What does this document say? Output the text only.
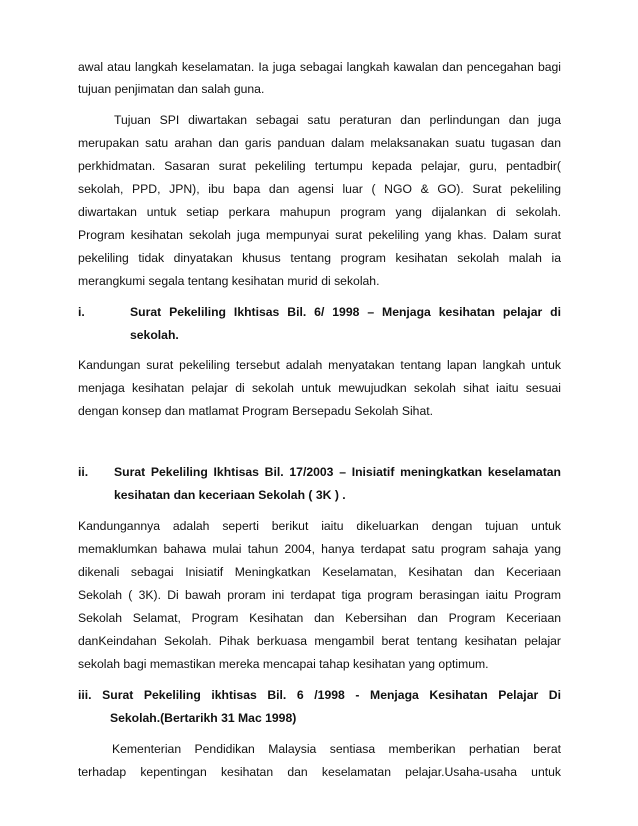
awal atau langkah keselamatan. Ia juga sebagai langkah kawalan dan pencegahan bagi
tujuan penjimatan dan salah guna.
Tujuan SPI diwartakan sebagai satu peraturan dan perlindungan dan juga
merupakan satu arahan dan garis panduan dalam melaksanakan suatu tugasan dan
perkhidmatan. Sasaran surat pekeliling tertumpu kepada pelajar, guru, pentadbir(
sekolah, PPD, JPN), ibu bapa dan agensi luar ( NGO & GO). Surat pekeliling
diwartakan untuk setiap perkara mahupun program yang dijalankan di sekolah.
Program kesihatan sekolah juga mempunyai surat pekeliling yang khas. Dalam surat
pekeliling tidak dinyatakan khusus tentang program kesihatan sekolah malah ia
merangkumi segala tentang kesihatan murid di sekolah.
i.	Surat Pekeliling Ikhtisas Bil. 6/ 1998 – Menjaga kesihatan pelajar di
sekolah.
Kandungan surat pekeliling tersebut adalah menyatakan tentang lapan langkah untuk
menjaga kesihatan pelajar di sekolah untuk mewujudkan sekolah sihat iaitu sesuai
dengan konsep dan matlamat Program Bersepadu Sekolah Sihat.
ii. Surat Pekeliling Ikhtisas Bil. 17/2003 – Inisiatif meningkatkan keselamatan
kesihatan dan keceriaan Sekolah ( 3K ) .
Kandungannya adalah seperti berikut iaitu dikeluarkan dengan tujuan untuk
memaklumkan bahawa mulai tahun 2004, hanya terdapat satu program sahaja yang
dikenali sebagai Inisiatif Meningkatkan Keselamatan, Kesihatan dan Keceriaan
Sekolah ( 3K). Di bawah proram ini terdapat tiga program berasingan iaitu Program
Sekolah Selamat, Program Kesihatan dan Kebersihan dan Program Keceriaan
danKeindahan Sekolah. Pihak berkuasa mengambil berat tentang kesihatan pelajar
sekolah bagi memastikan mereka mencapai tahap kesihatan yang optimum.
iii. Surat Pekeliling ikhtisas Bil. 6 /1998 - Menjaga Kesihatan Pelajar Di
Sekolah.(Bertarikh 31 Mac 1998)
Kementerian Pendidikan Malaysia sentiasa memberikan perhatian berat
terhadap kepentingan kesihatan dan keselamatan pelajar.Usaha-usaha untuk
